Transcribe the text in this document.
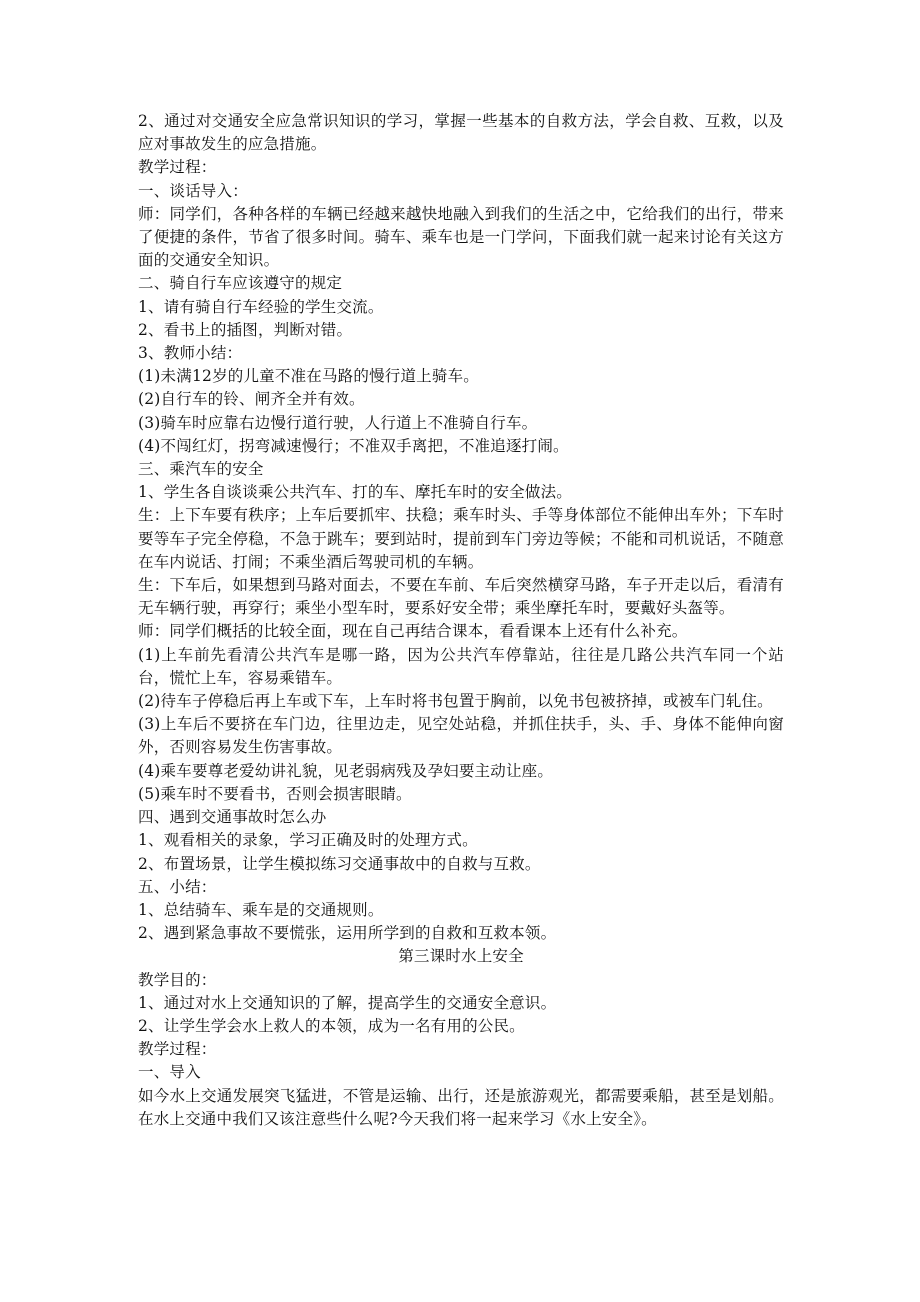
2、通过对交通安全应急常识知识的学习，掌握一些基本的自救方法，学会自救、互救，以及应对事故发生的应急措施。

教学过程：

一、谈话导入：

师：同学们，各种各样的车辆已经越来越快地融入到我们的生活之中，它给我们的出行，带来了便捷的条件，节省了很多时间。骑车、乘车也是一门学问，下面我们就一起来讨论有关这方面的交通安全知识。

二、骑自行车应该遵守的规定

1、请有骑自行车经验的学生交流。

2、看书上的插图，判断对错。

3、教师小结：

(1)未满12岁的儿童不准在马路的慢行道上骑车。

(2)自行车的铃、闸齐全并有效。

(3)骑车时应靠右边慢行道行驶，人行道上不准骑自行车。

(4)不闯红灯，拐弯减速慢行；不准双手离把，不准追逐打闹。

三、乘汽车的安全

1、学生各自谈谈乘公共汽车、打的车、摩托车时的安全做法。

生：上下车要有秩序；上车后要抓牢、扶稳；乘车时头、手等身体部位不能伸出车外；下车时要等车子完全停稳，不急于跳车；要到站时，提前到车门旁边等候；不能和司机说话，不随意在车内说话、打闹；不乘坐酒后驾驶司机的车辆。

生：下车后，如果想到马路对面去，不要在车前、车后突然横穿马路，车子开走以后，看清有无车辆行驶，再穿行；乘坐小型车时，要系好安全带；乘坐摩托车时，要戴好头盔等。

师：同学们概括的比较全面，现在自己再结合课本，看看课本上还有什么补充。

(1)上车前先看清公共汽车是哪一路，因为公共汽车停靠站，往往是几路公共汽车同一个站台，慌忙上车，容易乘错车。

(2)待车子停稳后再上车或下车，上车时将书包置于胸前，以免书包被挤掉，或被车门轧住。

(3)上车后不要挤在车门边，往里边走，见空处站稳，并抓住扶手，头、手、身体不能伸向窗外，否则容易发生伤害事故。

(4)乘车要尊老爱幼讲礼貌，见老弱病残及孕妇要主动让座。

(5)乘车时不要看书，否则会损害眼睛。

四、遇到交通事故时怎么办

1、观看相关的录象，学习正确及时的处理方式。

2、布置场景，让学生模拟练习交通事故中的自救与互救。

五、小结：

1、总结骑车、乘车是的交通规则。

2、遇到紧急事故不要慌张，运用所学到的自救和互救本领。

第三课时水上安全

教学目的：

1、通过对水上交通知识的了解，提高学生的交通安全意识。

2、让学生学会水上救人的本领，成为一名有用的公民。

教学过程：

一、导入

如今水上交通发展突飞猛进，不管是运输、出行，还是旅游观光，都需要乘船，甚至是划船。在水上交通中我们又该注意些什么呢?今天我们将一起来学习《水上安全》。
